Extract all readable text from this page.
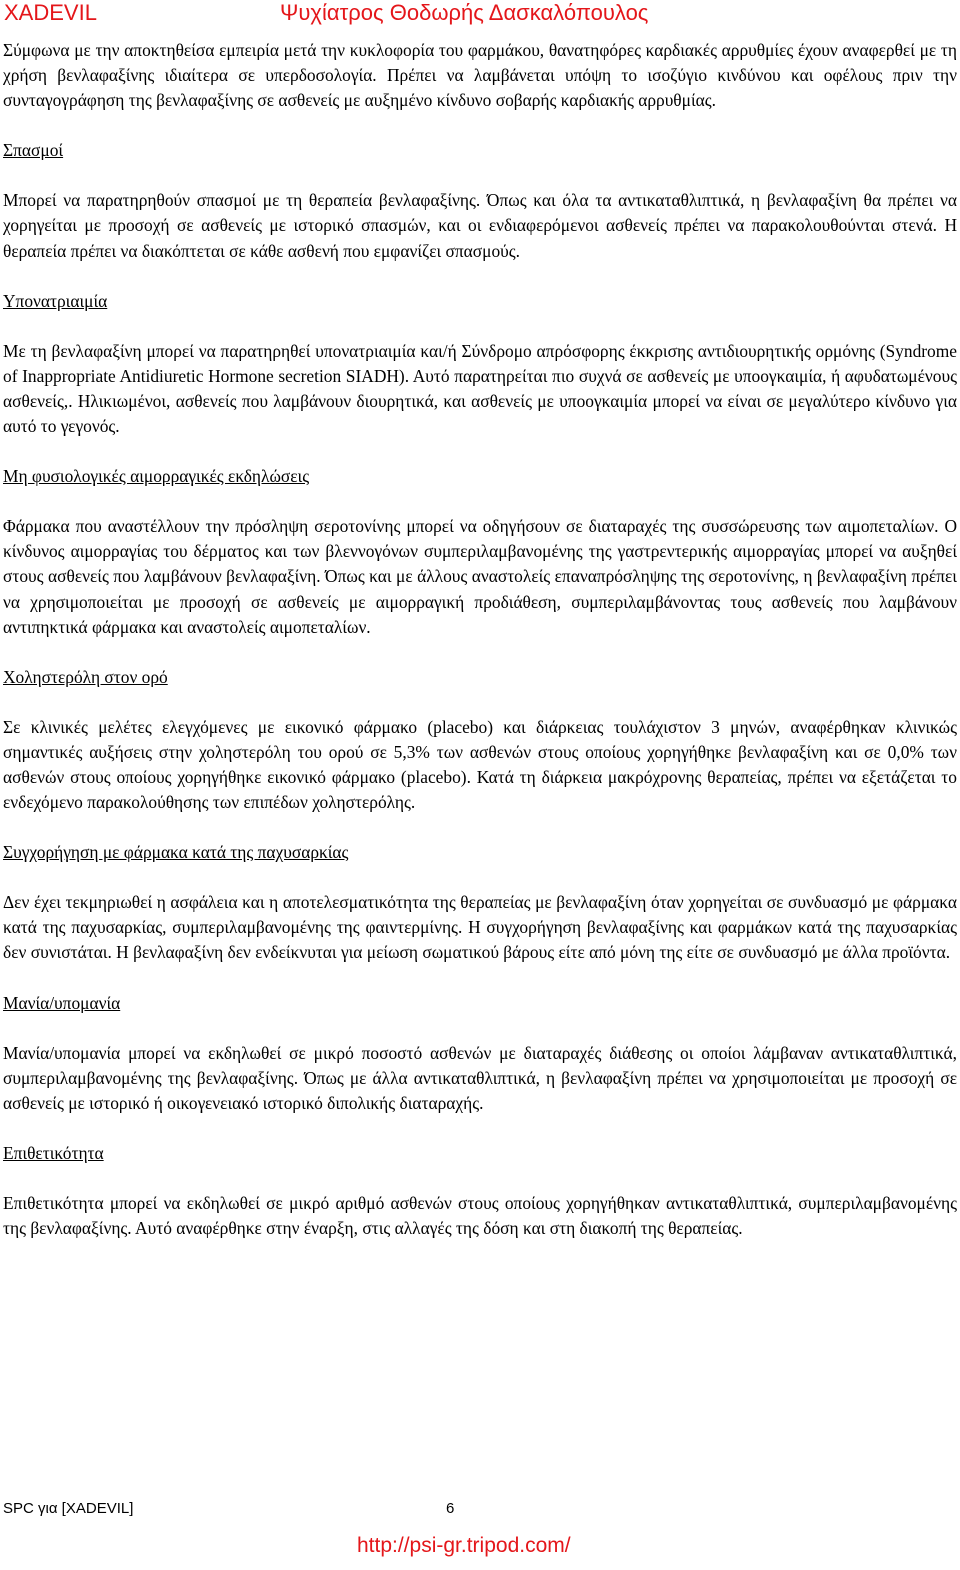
XADEVIL	Ψυχίατρος Θοδωρής Δασκαλόπουλος

Σύμφωνα με την αποκτηθείσα εμπειρία μετά την κυκλοφορία του φαρμάκου, θανατηφόρες καρδιακές αρρυθμίες έχουν αναφερθεί με τη χρήση βενλαφαξίνης ιδιαίτερα σε υπερδοσολογία. Πρέπει να λαμβάνεται υπόψη το ισοζύγιο κινδύνου και οφέλους πριν την συνταγογράφηση της βενλαφαξίνης σε ασθενείς με αυξημένο κίνδυνο σοβαρής καρδιακής αρρυθμίας.

Σπασμοί

Μπορεί να παρατηρηθούν σπασμοί με τη θεραπεία βενλαφαξίνης. Όπως και όλα τα αντικαταθλιπτικά, η βενλαφαξίνη θα πρέπει να χορηγείται με προσοχή σε ασθενείς με ιστορικό σπασμών, και οι ενδιαφερόμενοι ασθενείς πρέπει να παρακολουθούνται στενά. Η θεραπεία πρέπει να διακόπτεται σε κάθε ασθενή που εμφανίζει σπασμούς.

Υπονατριαιμία

Με τη βενλαφαξίνη μπορεί να παρατηρηθεί υπονατριαιμία και/ή Σύνδρομο απρόσφορης έκκρισης αντιδιουρητικής ορμόνης (Syndrome of Inappropriate Antidiuretic Hormone secretion SIADH). Αυτό παρατηρείται πιο συχνά σε ασθενείς με υποογκαιμία, ή αφυδατωμένους ασθενείς,. Ηλικιωμένοι, ασθενείς που λαμβάνουν διουρητικά, και ασθενείς με υποογκαιμία μπορεί να είναι σε μεγαλύτερο κίνδυνο για αυτό το γεγονός.

Μη φυσιολογικές αιμορραγικές εκδηλώσεις

Φάρμακα που αναστέλλουν την πρόσληψη σεροτονίνης μπορεί να οδηγήσουν σε διαταραχές της συσσώρευσης των αιμοπεταλίων. Ο κίνδυνος αιμορραγίας του δέρματος και των βλεννογόνων συμπεριλαμβανομένης της γαστρεντερικής αιμορραγίας μπορεί να αυξηθεί στους ασθενείς που λαμβάνουν βενλαφαξίνη. Όπως και με άλλους αναστολείς επαναπρόσληψης της σεροτονίνης, η βενλαφαξίνη πρέπει να χρησιμοποιείται με προσοχή σε ασθενείς με αιμορραγική προδιάθεση, συμπεριλαμβάνοντας τους ασθενείς που λαμβάνουν αντιπηκτικά φάρμακα και αναστολείς αιμοπεταλίων.

Χοληστερόλη στον ορό

Σε κλινικές μελέτες ελεγχόμενες με εικονικό φάρμακο (placebo) και διάρκειας τουλάχιστον 3 μηνών, αναφέρθηκαν κλινικώς σημαντικές αυξήσεις στην χοληστερόλη του ορού σε 5,3% των ασθενών στους οποίους χορηγήθηκε βενλαφαξίνη και σε 0,0% των ασθενών στους οποίους χορηγήθηκε εικονικό φάρμακο (placebo). Κατά τη διάρκεια μακρόχρονης θεραπείας, πρέπει να εξετάζεται το ενδεχόμενο παρακολούθησης των επιπέδων χοληστερόλης.

Συγχορήγηση με φάρμακα κατά της παχυσαρκίας

Δεν έχει τεκμηριωθεί η ασφάλεια και η αποτελεσματικότητα της θεραπείας με βενλαφαξίνη όταν χορηγείται σε συνδυασμό με φάρμακα κατά της παχυσαρκίας, συμπεριλαμβανομένης της φαιντερμίνης. Η συγχορήγηση βενλαφαξίνης και φαρμάκων κατά της παχυσαρκίας δεν συνιστάται. Η βενλαφαξίνη δεν ενδείκνυται για μείωση σωματικού βάρους είτε από μόνη της είτε σε συνδυασμό με άλλα προϊόντα.

Μανία/υπομανία

Μανία/υπομανία μπορεί να εκδηλωθεί σε μικρό ποσοστό ασθενών με διαταραχές διάθεσης οι οποίοι λάμβαναν αντικαταθλιπτικά, συμπεριλαμβανομένης της βενλαφαξίνης. Όπως με άλλα αντικαταθλιπτικά, η βενλαφαξίνη πρέπει να χρησιμοποιείται με προσοχή σε ασθενείς με ιστορικό ή οικογενειακό ιστορικό διπολικής διαταραχής.

Επιθετικότητα

Επιθετικότητα μπορεί να εκδηλωθεί σε μικρό αριθμό ασθενών στους οποίους χορηγήθηκαν αντικαταθλιπτικά, συμπεριλαμβανομένης της βενλαφαξίνης. Αυτό αναφέρθηκε στην έναρξη, στις αλλαγές της δόση και στη διακοπή της θεραπείας.

SPC για [XADEVIL]	6
http://psi-gr.tripod.com/
